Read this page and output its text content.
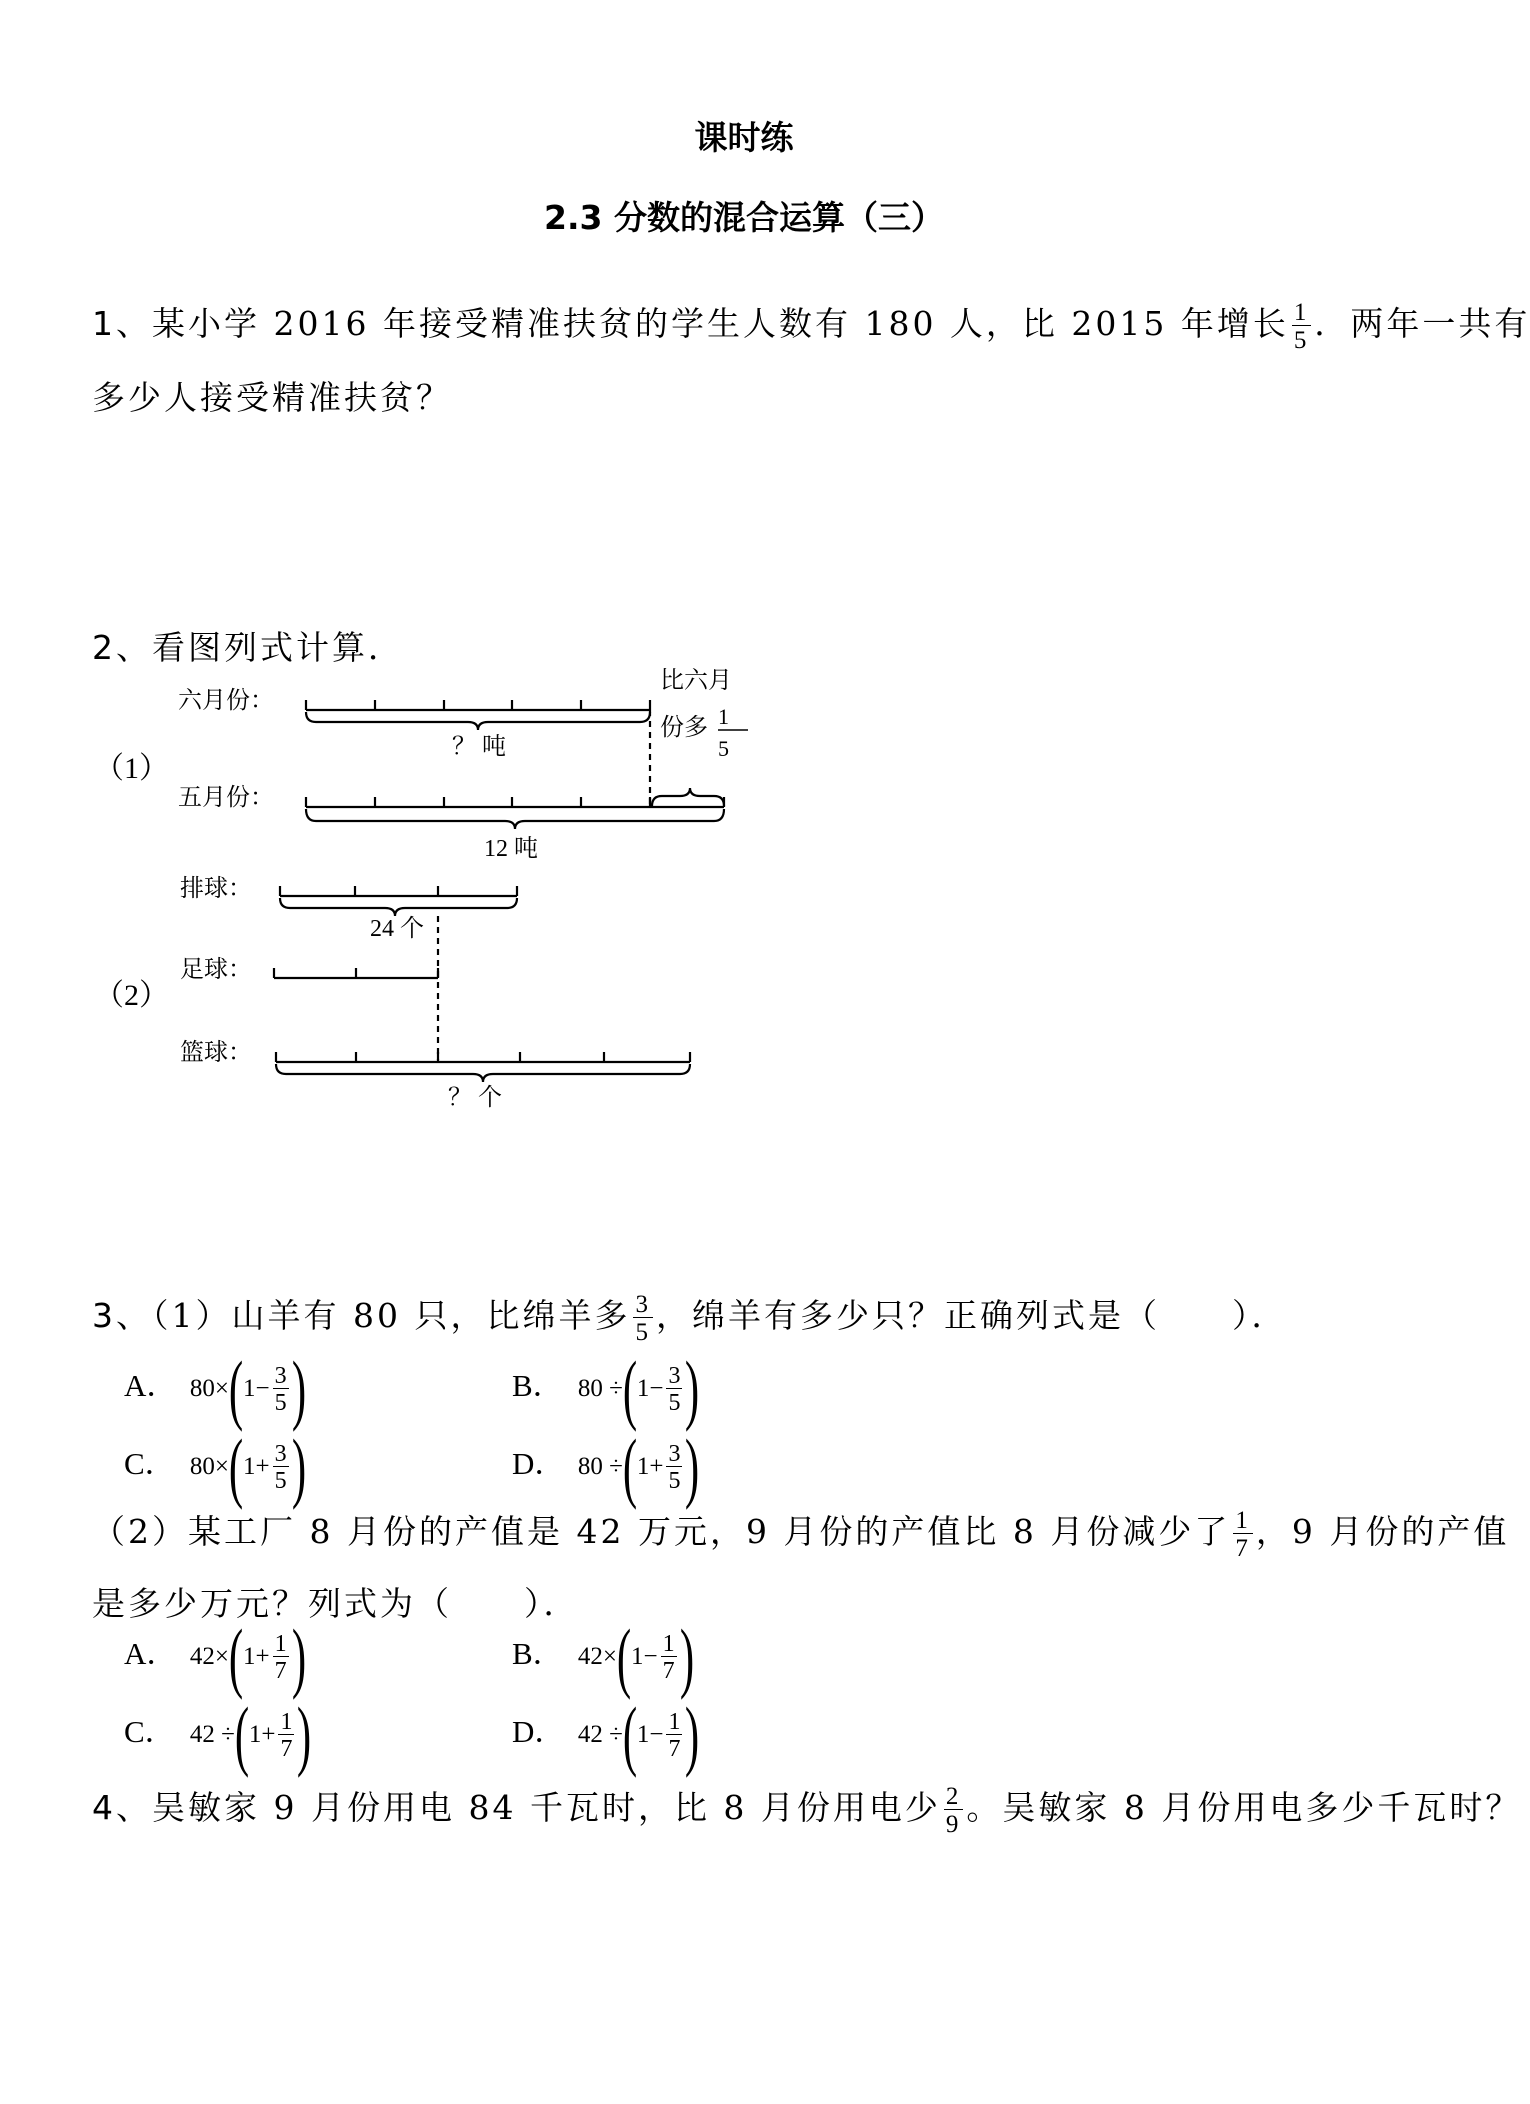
课时练
2.3 分数的混合运算（三）
1、某小学 2016 年接受精准扶贫的学生人数有 180 人，比 2015 年增长 $\frac{1}{5}$ ．两年一共有
多少人接受精准扶贫？
2、看图列式计算．
（1）
六月份：
五月份：
比六月
份多 1
5
？ 吨
12 吨
（2）
排球：
足球：
篮球：
24 个
？ 个
3、（1）山羊有 80 只，比绵羊多 $\frac{3}{5}$ ，绵羊有多少只？正确列式是（　　）．
A． 80× ( $1- \frac{3}{5}$ )	B． 80 ÷ ( $1- \frac{3}{5}$ )
C． 80× ( $1+ \frac{3}{5}$ )	D． 80 ÷ ( $1+ \frac{3}{5}$ )
（2）某工厂 8 月份的产值是 42 万元，9 月份的产值比 8 月份减少了 $\frac{1}{7}$ ，9 月份的产值
是多少万元？列式为（　　）．
A． 42× ( $1+ \frac{1}{7}$ )	B． 42× ( $1- \frac{1}{7}$ )
C． 42 ÷ ( $1+ \frac{1}{7}$ )	D． 42 ÷ ( $1- \frac{1}{7}$ )
4、吴敏家 9 月份用电 84 千瓦时，比 8 月份用电少 $\frac{2}{9}$ 。吴敏家 8 月份用电多少千瓦时？
